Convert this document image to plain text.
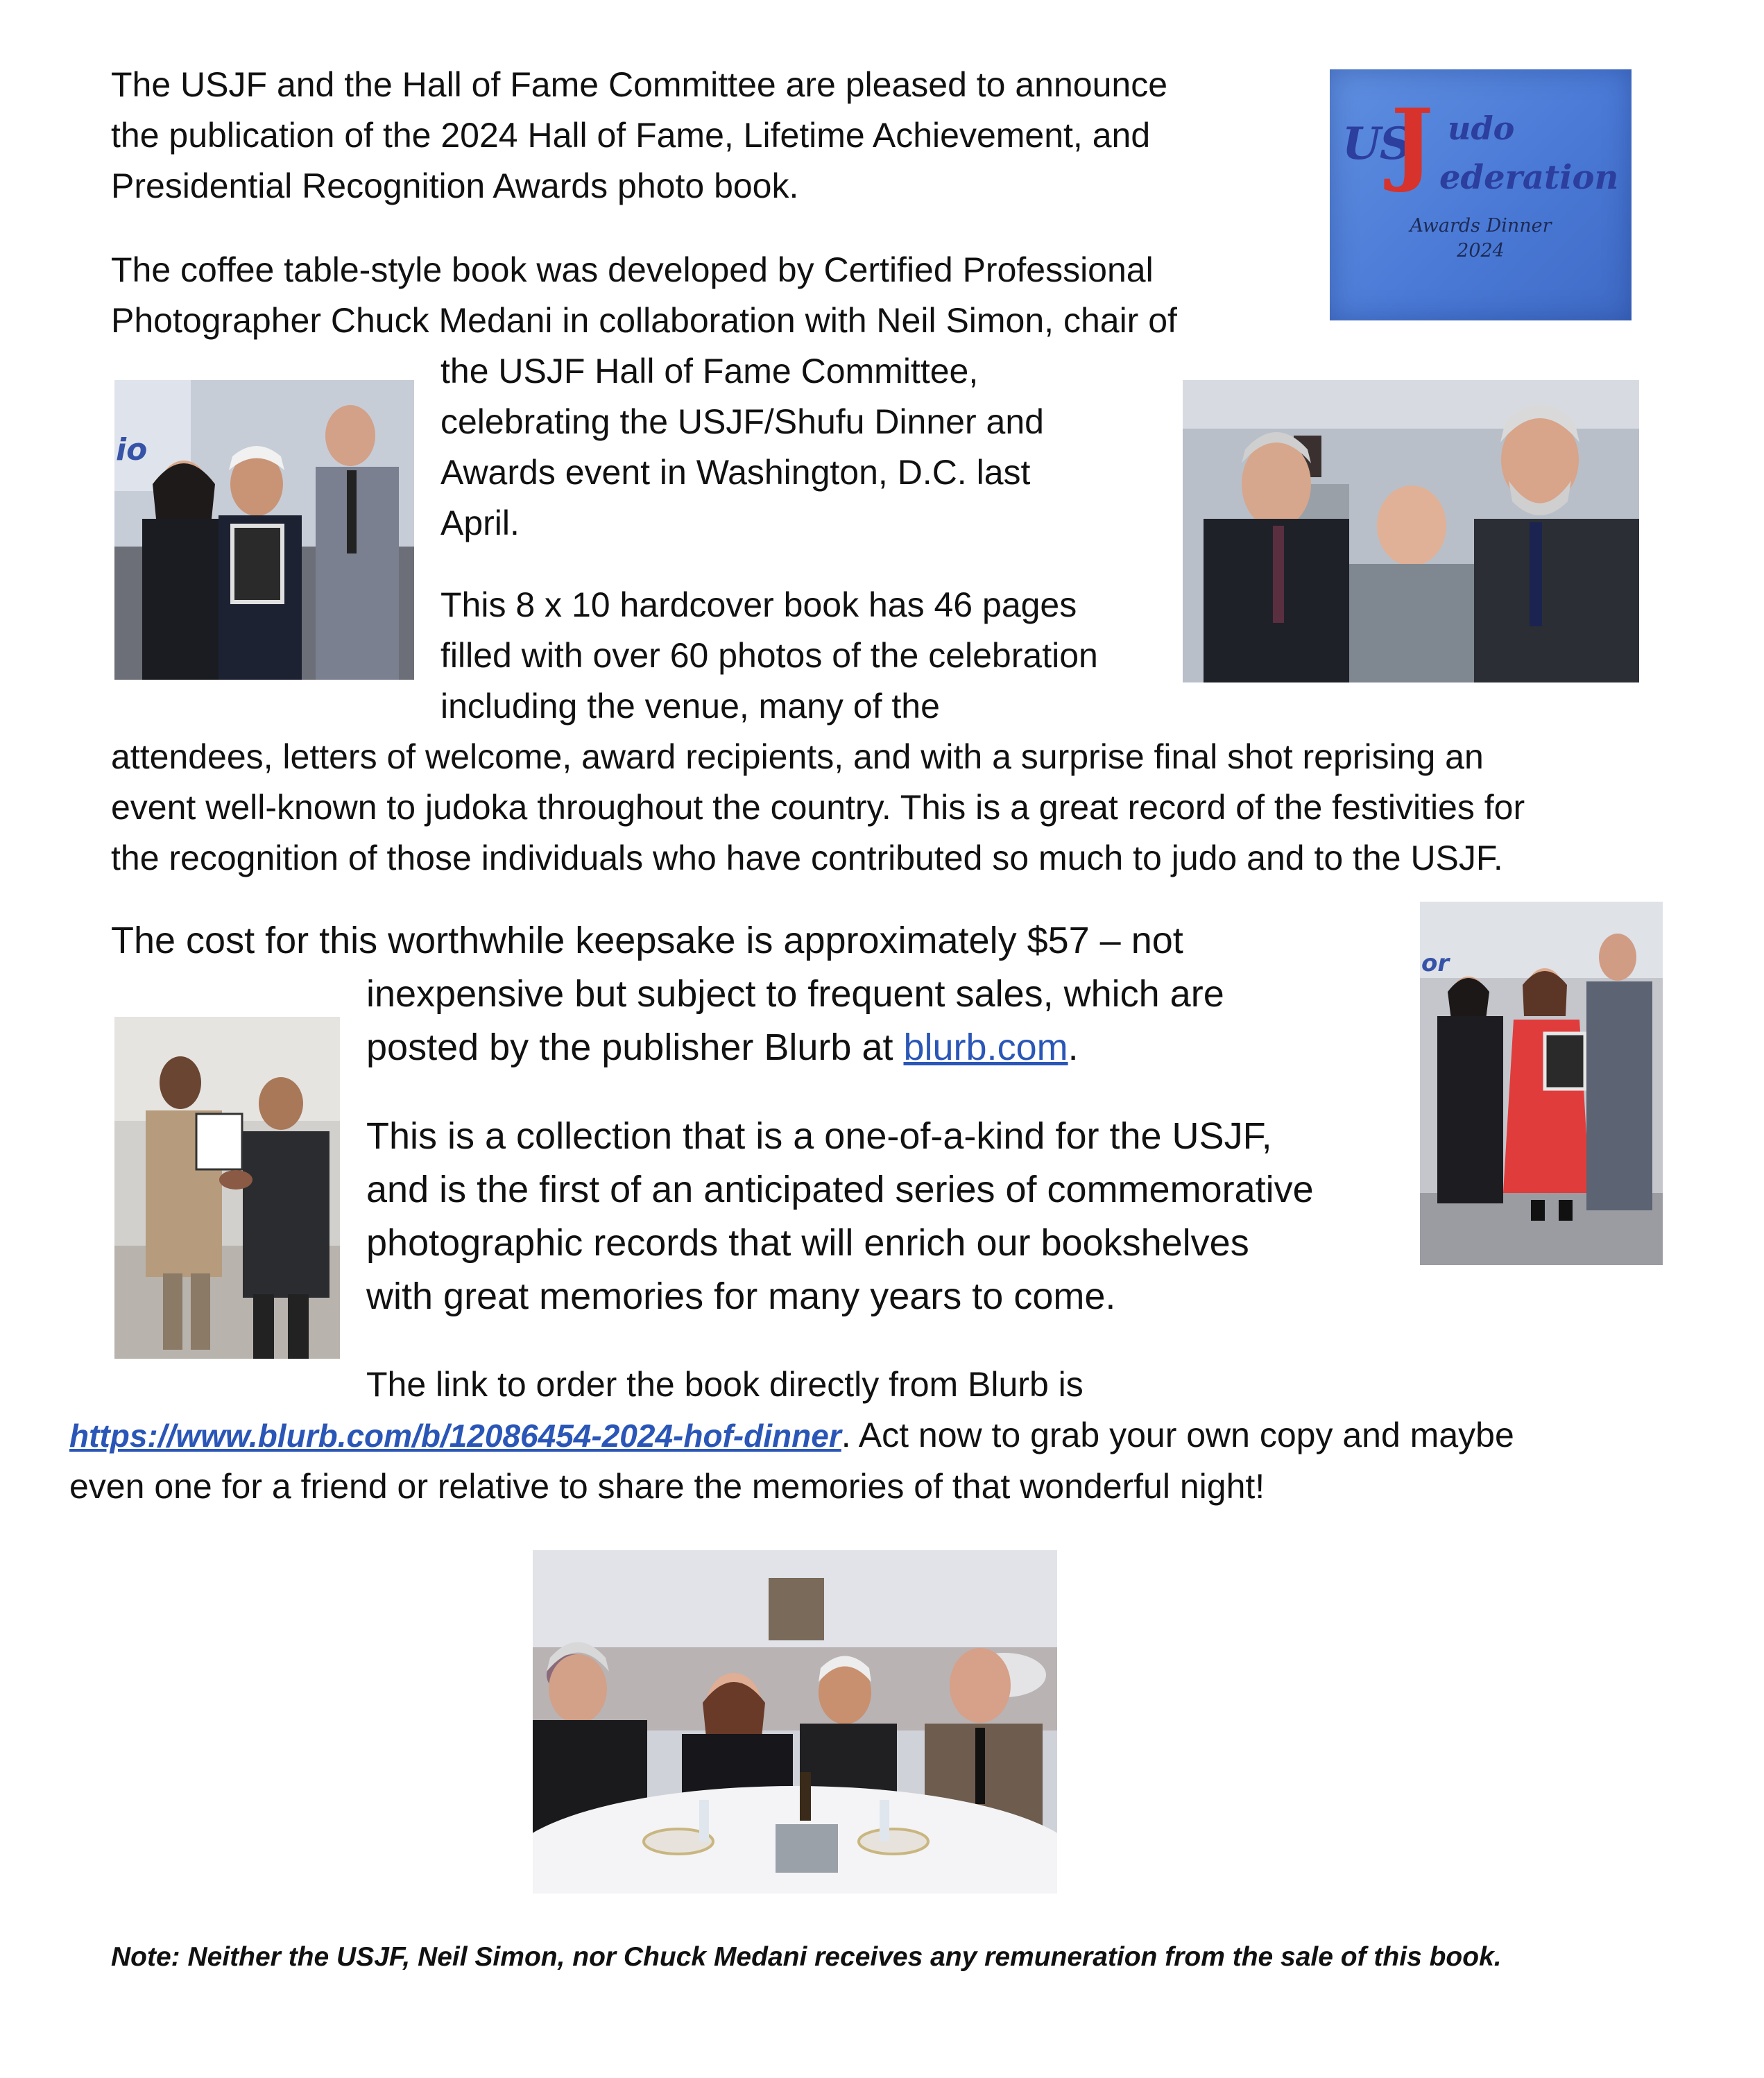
US
J udo
ederation
Awards Dinner
2024

The USJF and the Hall of Fame Committee are pleased to announce
the publication of the 2024 Hall of Fame, Lifetime Achievement, and
Presidential Recognition Awards photo book.

The coffee table-style book was developed by Certified Professional
Photographer Chuck Medani in collaboration with Neil Simon, chair of

the USJF Hall of Fame Committee,
celebrating the USJF/Shufu Dinner and
Awards event in Washington, D.C. last
April.

This 8 x 10 hardcover book has 46 pages
filled with over 60 photos of the celebration
including the venue, many of the

attendees, letters of welcome, award recipients, and with a surprise final shot reprising an
event well-known to judoka throughout the country. This is a great record of the festivities for
the recognition of those individuals who have contributed so much to judo and to the USJF.

The cost for this worthwhile keepsake is approximately $57 – not

inexpensive but subject to frequent sales, which are
posted by the publisher Blurb at blurb.com.

This is a collection that is a one-of-a-kind for the USJF,
and is the first of an anticipated series of commemorative
photographic records that will enrich our bookshelves
with great memories for many years to come.

The link to order the book directly from Blurb is

https://www.blurb.com/b/12086454-2024-hof-dinner. Act now to grab your own copy and maybe
even one for a friend or relative to share the memories of that wonderful night!

Note: Neither the USJF, Neil Simon, nor Chuck Medani receives any remuneration from the sale of this book.
io
or
